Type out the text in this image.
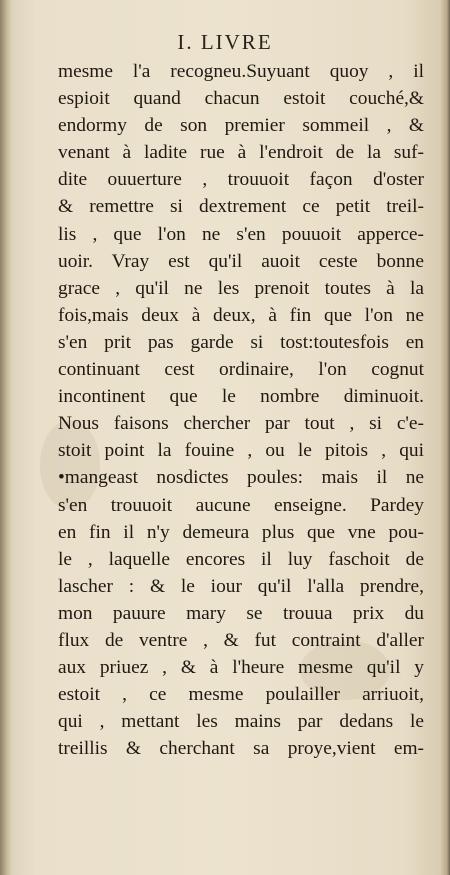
I. LIVRE
mesme l'a recogneu.Suyuant quoy , il
espioit quand chacun estoit couché,&
endormy de son premier sommeil , &
venant à ladite rue à l'endroit de la suf-
dite ouuerture , trouuoit façon d'oster
& remettre si dextrement ce petit treil-
lis , que l'on ne s'en pouuoit apperce-
uoir. Vray est qu'il auoit ceste bonne
grace , qu'il ne les prenoit toutes à la
fois,mais deux à deux, à fin que l'on ne
s'en prit pas garde si tost:toutesfois en
continuant cest ordinaire, l'on cognut
incontinent que le nombre diminuoit.
Nous faisons chercher par tout , si c'e-
stoit point la fouine , ou le pitois , qui
•mangeast nosdictes poules: mais il ne
s'en trouuoit aucune enseigne. Pardey
en fin il n'y demeura plus que vne pou-
le , laquelle encores il luy faschoit de
lascher : & le iour qu'il l'alla prendre,
mon pauure mary se trouua prix du
flux de ventre , & fut contraint d'aller
aux priuez , & à l'heure mesme qu'il y
estoit , ce mesme poulailler arriuoit,
qui , mettant les mains par dedans le
treillis & cherchant sa proye,vient em-
